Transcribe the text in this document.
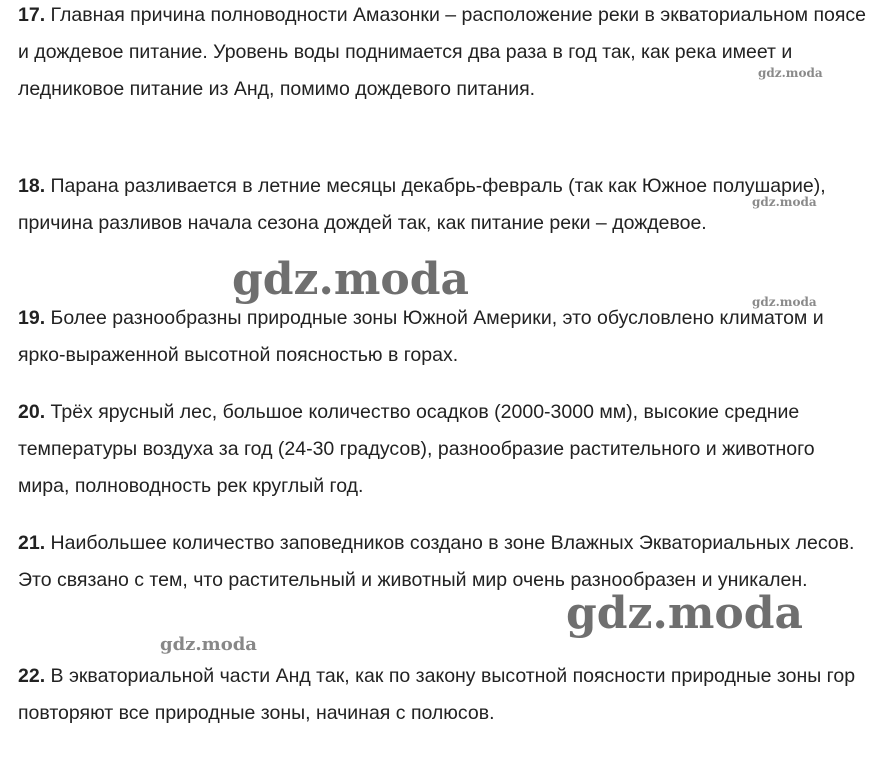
17. Главная причина полноводности Амазонки – расположение реки в экваториальном поясе и дождевое питание. Уровень воды поднимается два раза в год так, как река имеет и ледниковое питание из Анд, помимо дождевого питания.
18. Парана разливается в летние месяцы декабрь-февраль (так как Южное полушарие), причина разливов начала сезона дождей так, как питание реки – дождевое.
19. Более разнообразны природные зоны Южной Америки, это обусловлено климатом и ярко-выраженной высотной поясностью в горах.
20. Трёх ярусный лес, большое количество осадков (2000-3000 мм), высокие средние температуры воздуха за год (24-30 градусов), разнообразие растительного и животного мира, полноводность рек круглый год.
21. Наибольшее количество заповедников создано в зоне Влажных Экваториальных лесов. Это связано с тем, что растительный и животный мир очень разнообразен и уникален.
22. В экваториальной части Анд так, как по закону высотной поясности природные зоны гор повторяют все природные зоны, начиная с полюсов.
gdz.moda
gdz.moda
gdz.moda
gdz.moda
gdz.moda
gdz.moda
